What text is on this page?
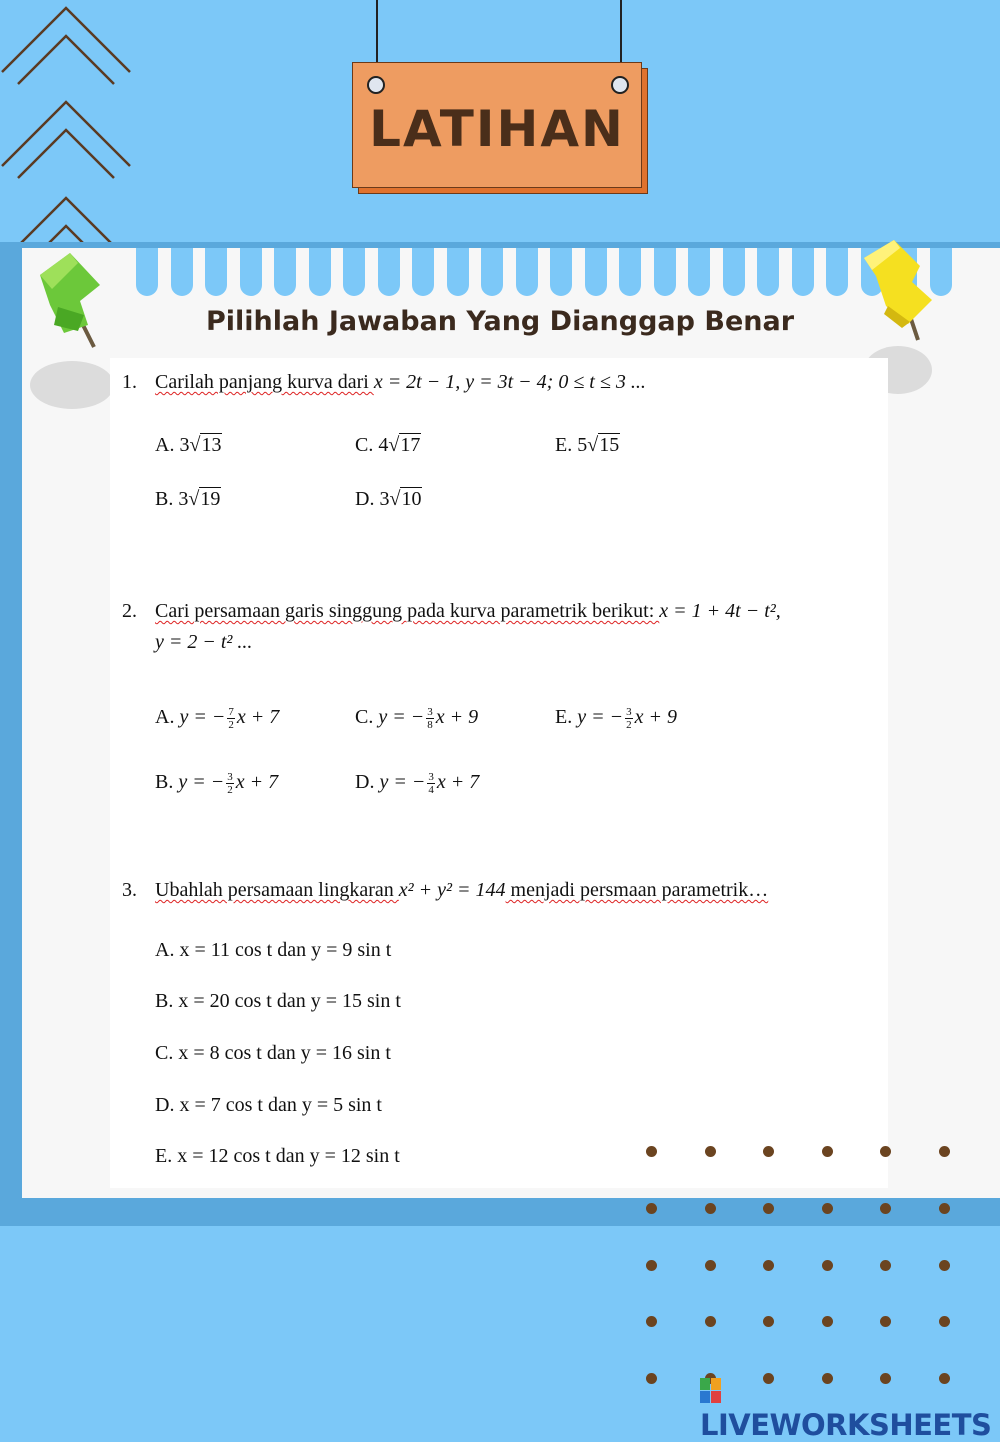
LATIHAN
Pilihlah Jawaban Yang Dianggap Benar
1. Carilah panjang kurva dari x = 2t − 1, y = 3t − 4; 0 ≤ t ≤ 3 ...
A. 3√13
B. 3√19
C. 4√17
D. 3√10
E. 5√15
2. Cari persamaan garis singgung pada kurva parametrik berikut: x = 1 + 4t − t²,
y = 2 − t² ...
A. y = − $\frac{7}{2}$ x + 7
B. y = − $\frac{3}{2}$ x + 7
C. y = − $\frac{3}{8}$ x + 9
D. y = − $\frac{3}{4}$ x + 7
E. y = − $\frac{3}{2}$ x + 9
3. Ubahlah persamaan lingkaran x² + y² = 144 menjadi persmaan parametrik…
A. x = 11 cos t dan y = 9 sin t
B. x = 20 cos t dan y = 15 sin t
C. x = 8 cos t dan y = 16 sin t
D. x = 7 cos t dan y = 5 sin t
E. x = 12 cos t dan y = 12 sin t
LIVEWORKSHEETS
